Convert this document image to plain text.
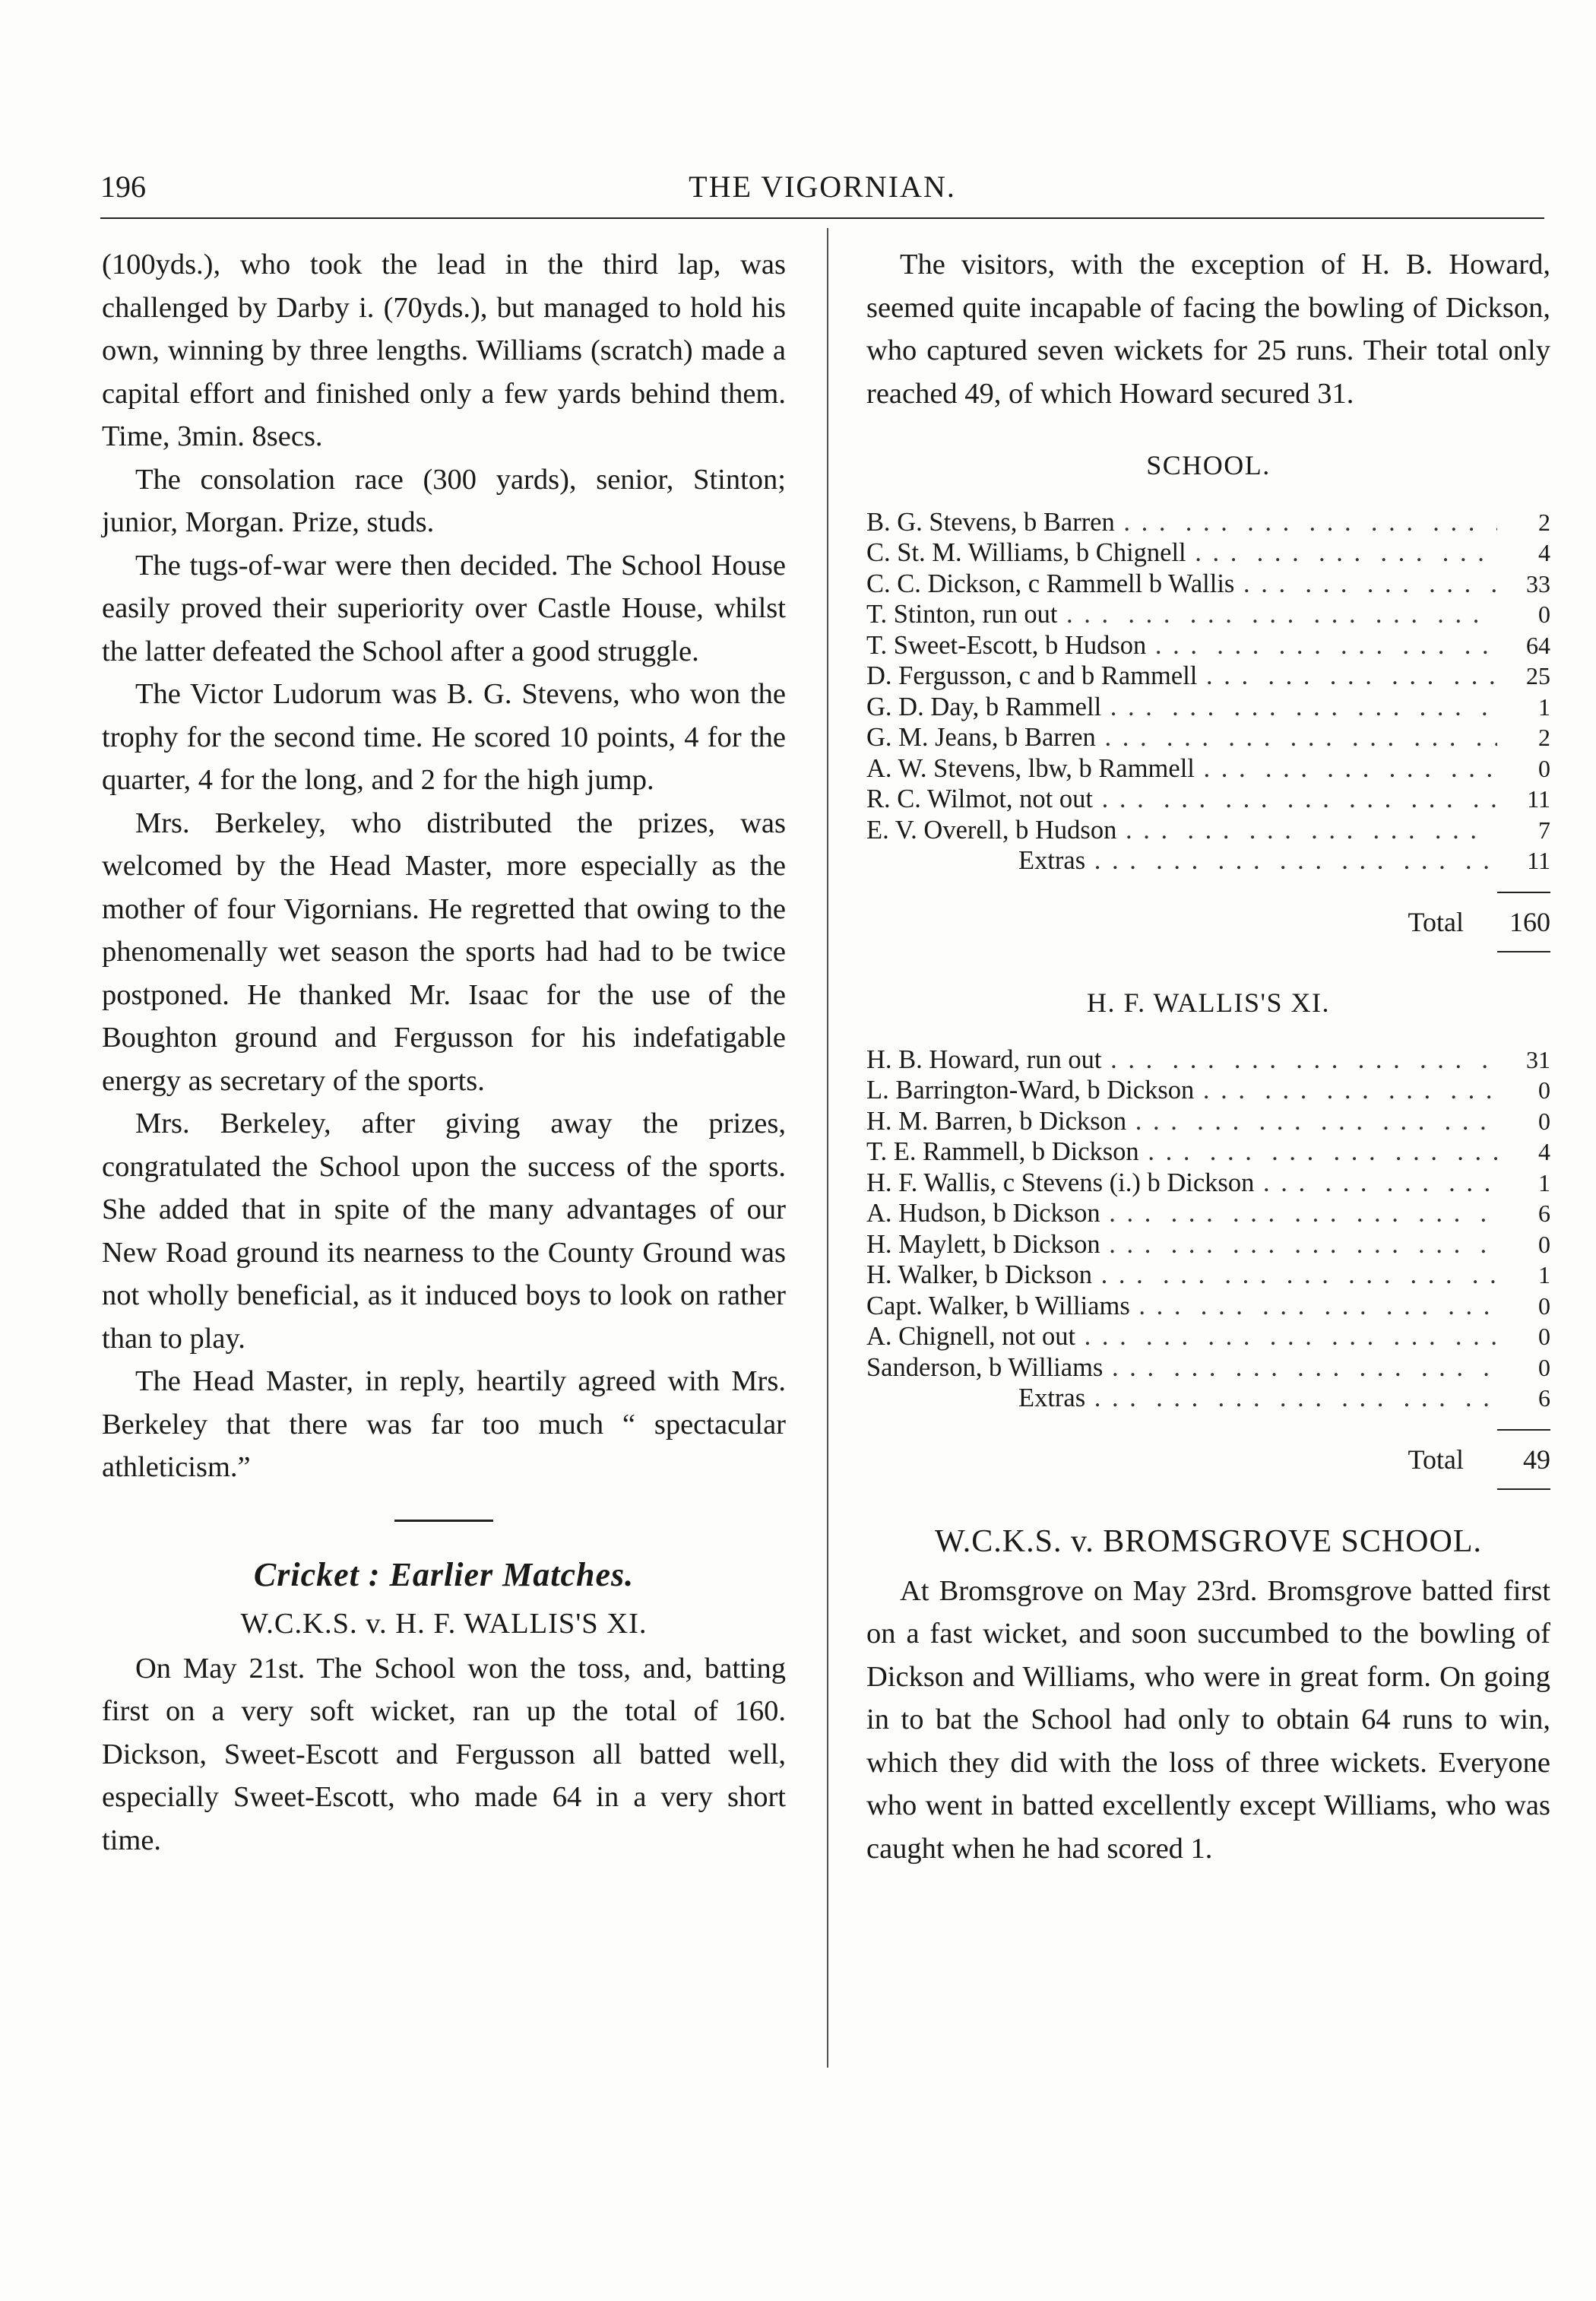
196	THE VIGORNIAN.

(100yds.), who took the lead in the third lap, was challenged by Darby i. (70yds.), but managed to hold his own, winning by three lengths. Williams (scratch) made a capital effort and finished only a few yards behind them. Time, 3min. 8secs.

The consolation race (300 yards), senior, Stinton; junior, Morgan. Prize, studs.

The tugs-of-war were then decided. The School House easily proved their superiority over Castle House, whilst the latter defeated the School after a good struggle.

The Victor Ludorum was B. G. Stevens, who won the trophy for the second time. He scored 10 points, 4 for the quarter, 4 for the long, and 2 for the high jump.

Mrs. Berkeley, who distributed the prizes, was welcomed by the Head Master, more especially as the mother of four Vigornians. He regretted that owing to the phenomenally wet season the sports had had to be twice postponed. He thanked Mr. Isaac for the use of the Boughton ground and Fergusson for his indefatigable energy as secretary of the sports.

Mrs. Berkeley, after giving away the prizes, congratulated the School upon the success of the sports. She added that in spite of the many advantages of our New Road ground its nearness to the County Ground was not wholly beneficial, as it induced boys to look on rather than to play.

The Head Master, in reply, heartily agreed with Mrs. Berkeley that there was far too much “ spectacular athleticism.”

Cricket : Earlier Matches.
W.C.K.S. v. H. F. WALLIS'S XI.

On May 21st. The School won the toss, and, batting first on a very soft wicket, ran up the total of 160. Dickson, Sweet-Escott and Fergusson all batted well, especially Sweet-Escott, who made 64 in a very short time.

The visitors, with the exception of H. B. Howard, seemed quite incapable of facing the bowling of Dickson, who captured seven wickets for 25 runs. Their total only reached 49, of which Howard secured 31.

SCHOOL.
B. G. Stevens, b Barren . . .	2
C. St. M. Williams, b Chignell . . .	4
C. C. Dickson, c Rammell b Wallis . . .	33
T. Stinton, run out . . .	0
T. Sweet-Escott, b Hudson . . .	64
D. Fergusson, c and b Rammell . . .	25
G. D. Day, b Rammell . . .	1
G. M. Jeans, b Barren . . .	2
A. W. Stevens, lbw, b Rammell . . .	0
R. C. Wilmot, not out . . .	11
E. V. Overell, b Hudson . . .	7
Extras . . .	11
Total	160
H. F. WALLIS'S XI.
H. B. Howard, run out . . .	31
L. Barrington-Ward, b Dickson . . .	0
H. M. Barren, b Dickson . . .	0
T. E. Rammell, b Dickson . . .	4
H. F. Wallis, c Stevens (i.) b Dickson . . .	1
A. Hudson, b Dickson . . .	6
H. Maylett, b Dickson . . .	0
H. Walker, b Dickson . . .	1
Capt. Walker, b Williams . . .	0
A. Chignell, not out . . .	0
Sanderson, b Williams . . .	0
Extras . . .	6
Total	49
W.C.K.S. v. BROMSGROVE SCHOOL.

At Bromsgrove on May 23rd. Bromsgrove batted first on a fast wicket, and soon succumbed to the bowling of Dickson and Williams, who were in great form. On going in to bat the School had only to obtain 64 runs to win, which they did with the loss of three wickets. Everyone who went in batted excellently except Williams, who was caught when he had scored 1.
